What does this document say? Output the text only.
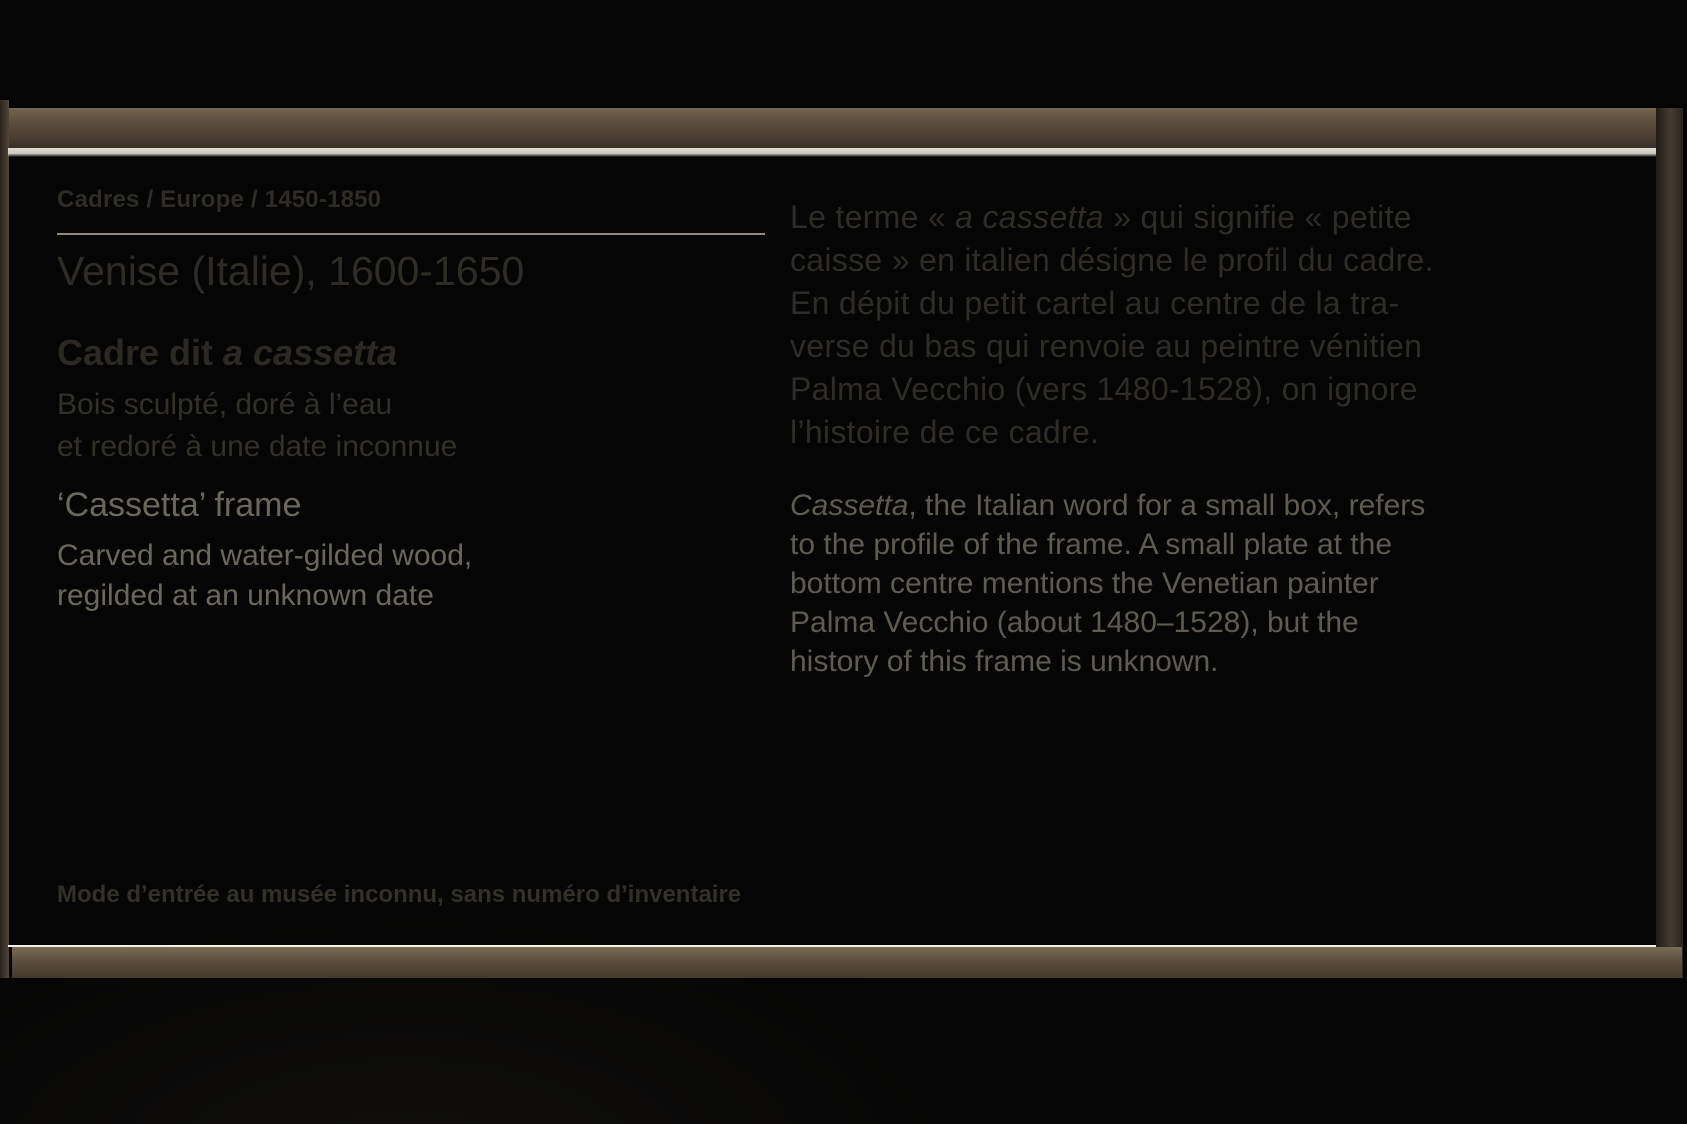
Cadres / Europe / 1450-1850
Venise (Italie), 1600-1650
Cadre dit a cassetta
Bois sculpté, doré à l’eau
et redoré à une date inconnue
‘Cassetta’ frame
Carved and water-gilded wood,
regilded at an unknown date
Mode d’entrée au musée inconnu, sans numéro d’inventaire
Le terme « a cassetta » qui signifie « petite
caisse » en italien désigne le profil du cadre.
En dépit du petit cartel au centre de la tra-
verse du bas qui renvoie au peintre vénitien
Palma Vecchio (vers 1480-1528), on ignore
l’histoire de ce cadre.
Cassetta, the Italian word for a small box, refers
to the profile of the frame. A small plate at the
bottom centre mentions the Venetian painter
Palma Vecchio (about 1480–1528), but the
history of this frame is unknown.
